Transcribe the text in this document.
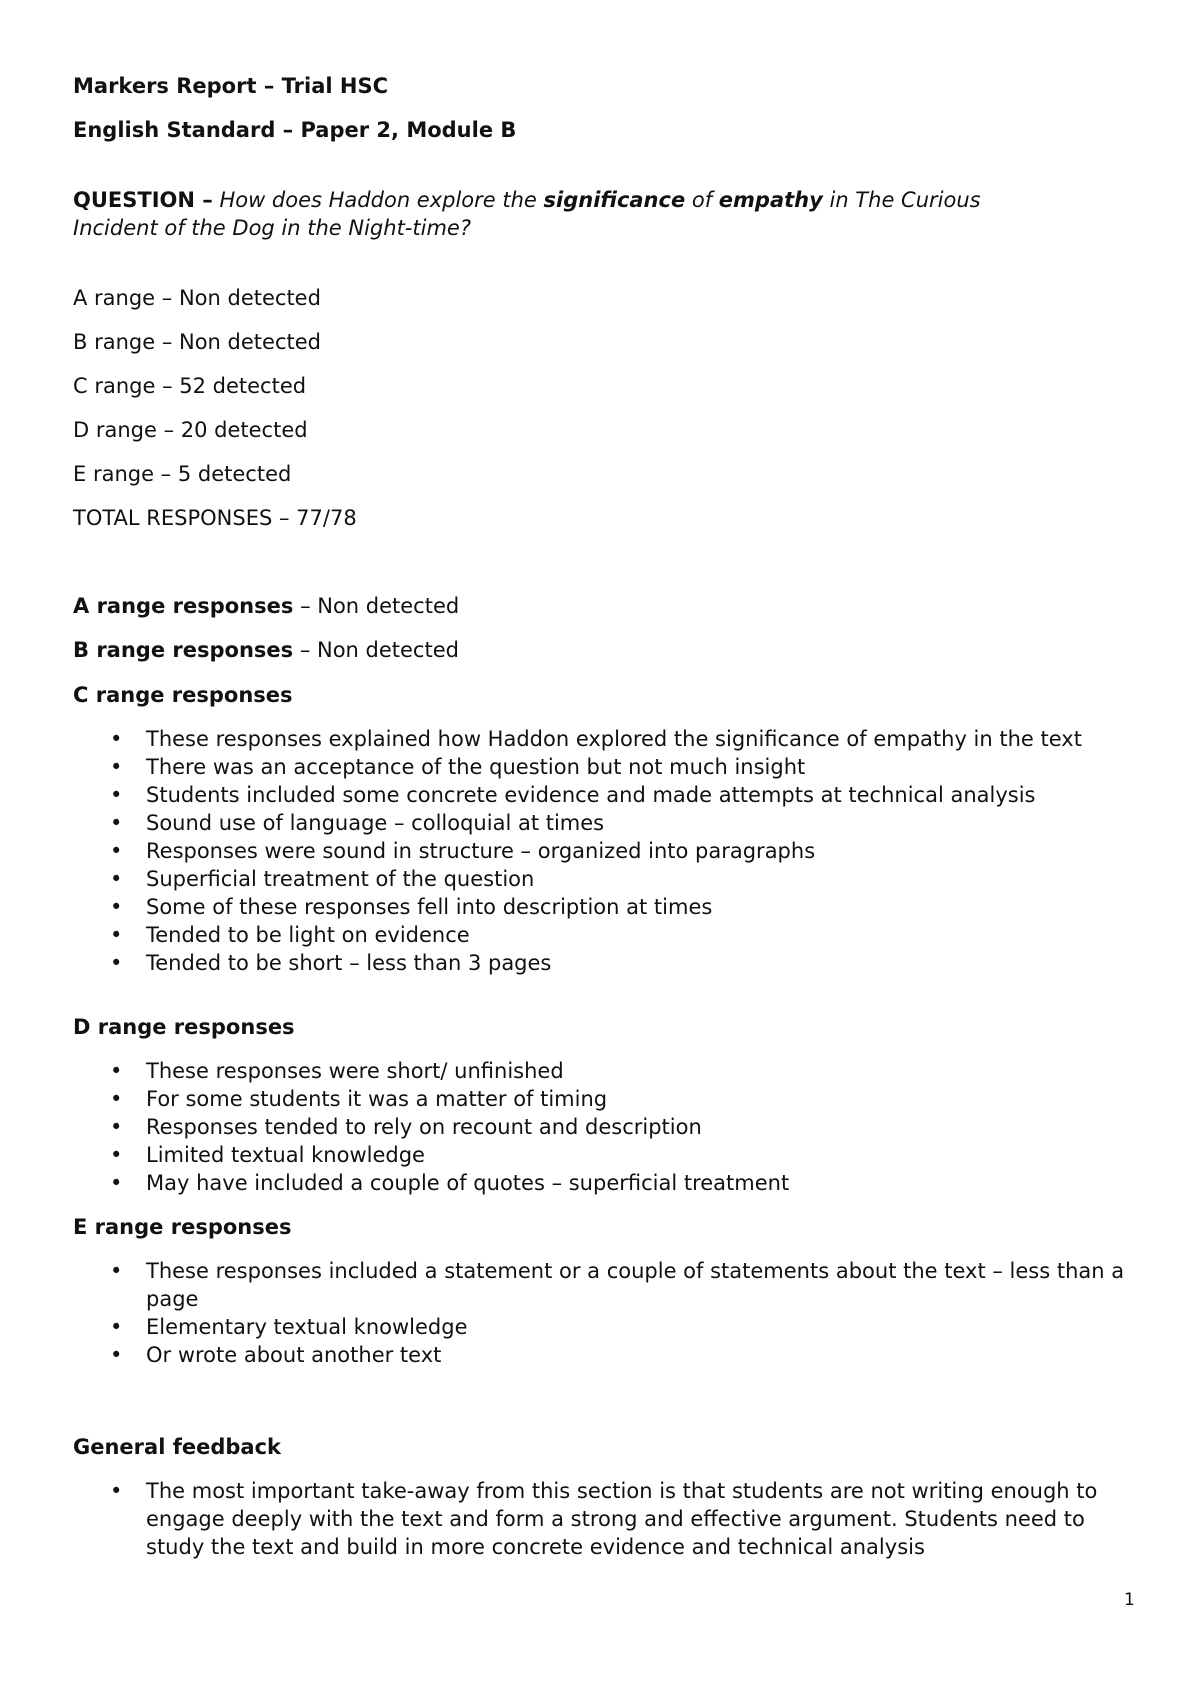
Markers Report – Trial HSC
English Standard – Paper 2, Module B
QUESTION – How does Haddon explore the significance of empathy in The Curious
Incident of the Dog in the Night-time?
A range – Non detected
B range – Non detected
C range – 52 detected
D range – 20 detected
E range – 5 detected
TOTAL RESPONSES – 77/78
A range responses – Non detected
B range responses – Non detected
C range responses
• These responses explained how Haddon explored the significance of empathy in the text
• There was an acceptance of the question but not much insight
• Students included some concrete evidence and made attempts at technical analysis
• Sound use of language – colloquial at times
• Responses were sound in structure – organized into paragraphs
• Superficial treatment of the question
• Some of these responses fell into description at times
• Tended to be light on evidence
• Tended to be short – less than 3 pages
D range responses
• These responses were short/ unfinished
• For some students it was a matter of timing
• Responses tended to rely on recount and description
• Limited textual knowledge
• May have included a couple of quotes – superficial treatment
E range responses
• These responses included a statement or a couple of statements about the text – less than a page
• Elementary textual knowledge
• Or wrote about another text
General feedback
• The most important take-away from this section is that students are not writing enough to engage deeply with the text and form a strong and effective argument. Students need to study the text and build in more concrete evidence and technical analysis
1
